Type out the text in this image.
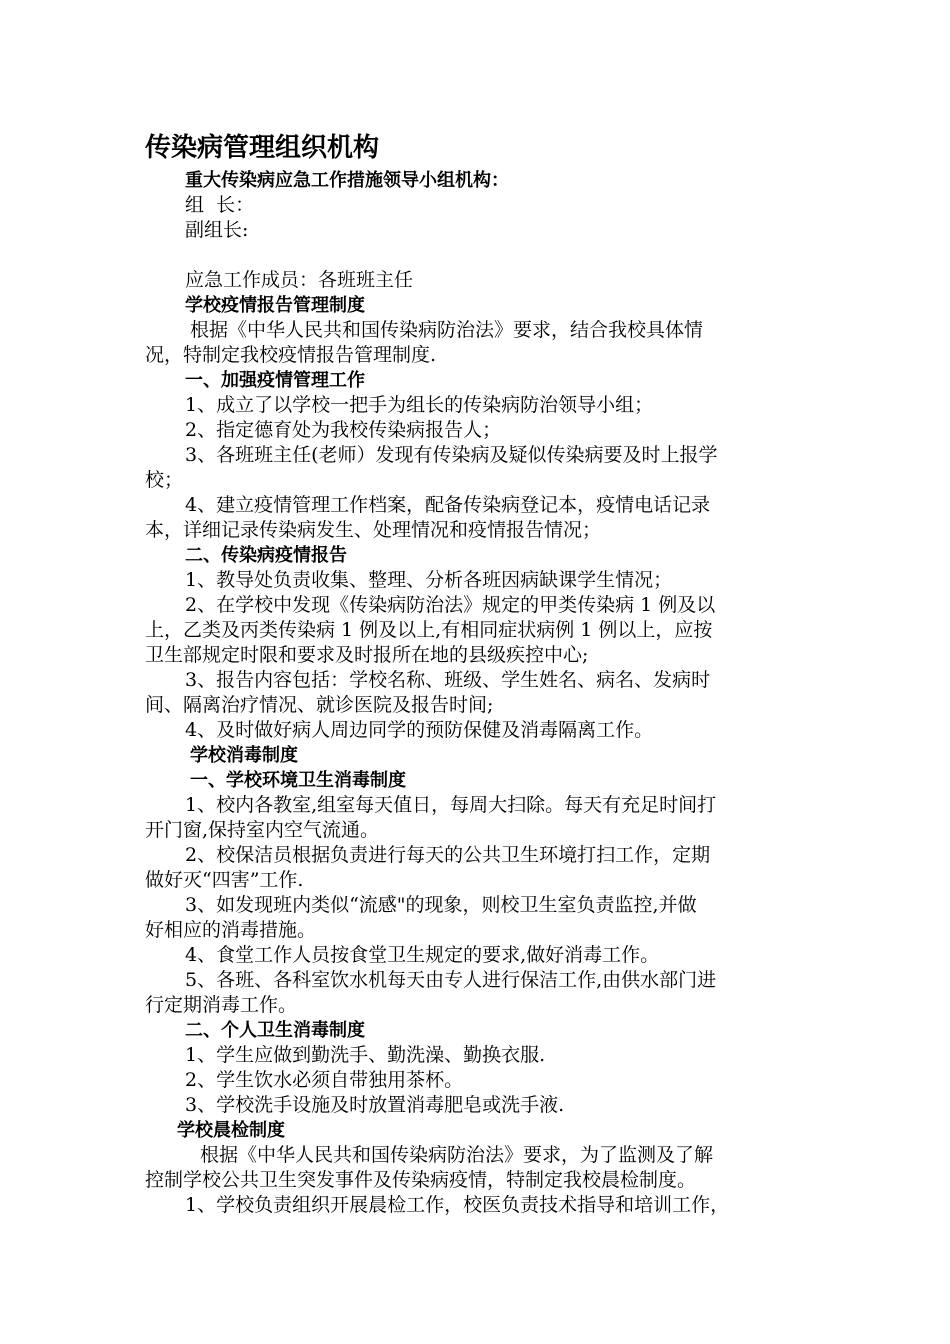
传染病管理组织机构
重大传染病应急工作措施领导小组机构：
组  长：
副组长:
应急工作成员：各班班主任
学校疫情报告管理制度
根据《中华人民共和国传染病防治法》要求，结合我校具体情
况，特制定我校疫情报告管理制度.
一、加强疫情管理工作
1、成立了以学校一把手为组长的传染病防治领导小组；
2、指定德育处为我校传染病报告人；
3、各班班主任(老师）发现有传染病及疑似传染病要及时上报学
校；
4、建立疫情管理工作档案，配备传染病登记本，疫情电话记录
本，详细记录传染病发生、处理情况和疫情报告情况；
二、传染病疫情报告
1、教导处负责收集、整理、分析各班因病缺课学生情况；
2、在学校中发现《传染病防治法》规定的甲类传染病 1 例及以
上，乙类及丙类传染病 1 例及以上,有相同症状病例 1 例以上，应按
卫生部规定时限和要求及时报所在地的县级疾控中心;
3、报告内容包括：学校名称、班级、学生姓名、病名、发病时
间、隔离治疗情况、就诊医院及报告时间;
4、及时做好病人周边同学的预防保健及消毒隔离工作。
学校消毒制度
一、学校环境卫生消毒制度
1、校内各教室,组室每天值日，每周大扫除。每天有充足时间打
开门窗,保持室内空气流通。
2、校保洁员根据负责进行每天的公共卫生环境打扫工作，定期
做好灭“四害”工作.
3、如发现班内类似“流感"的现象，则校卫生室负责监控,并做
好相应的消毒措施。
4、食堂工作人员按食堂卫生规定的要求,做好消毒工作。
5、各班、各科室饮水机每天由专人进行保洁工作,由供水部门进
行定期消毒工作。
二、个人卫生消毒制度
1、学生应做到勤洗手、勤洗澡、勤换衣服.
2、学生饮水必须自带独用茶杯。
3、学校洗手设施及时放置消毒肥皂或洗手液.
学校晨检制度
根据《中华人民共和国传染病防治法》要求，为了监测及了解
控制学校公共卫生突发事件及传染病疫情，特制定我校晨检制度。
1、学校负责组织开展晨检工作，校医负责技术指导和培训工作，
